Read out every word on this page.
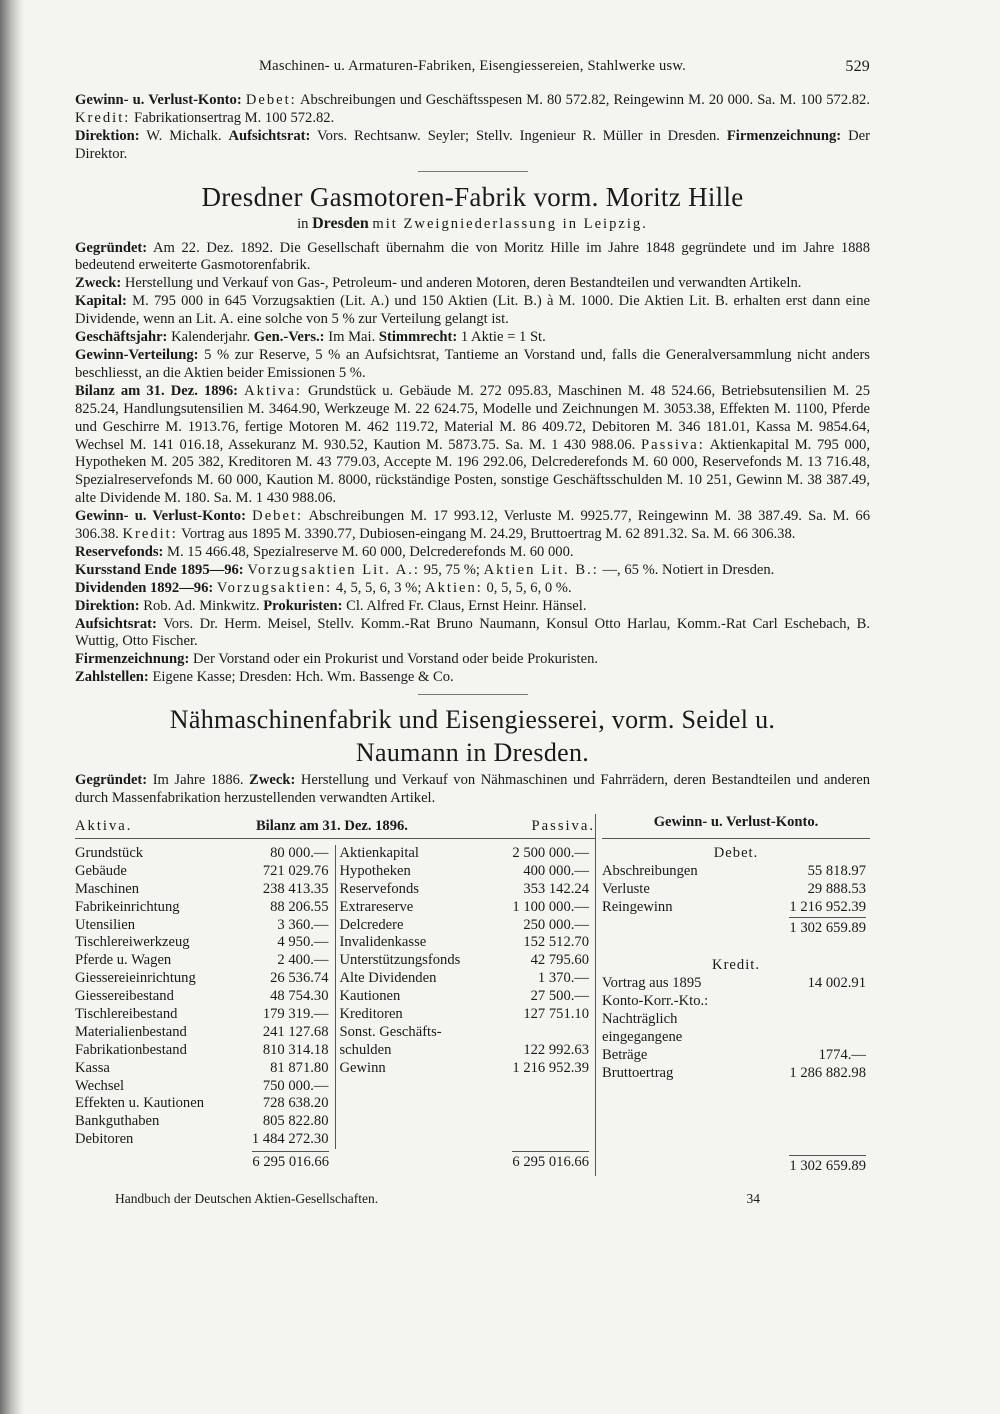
Maschinen- u. Armaturen-Fabriken, Eisengiessereien, Stahlwerke usw.	529

Gewinn- u. Verlust-Konto: Debet: Abschreibungen und Geschäftsspesen M. 80 572.82, Reingewinn M. 20 000. Sa. M. 100 572.82. Kredit: Fabrikationsertrag M. 100 572.82.

Direktion: W. Michalk. Aufsichtsrat: Vors. Rechtsanw. Seyler; Stellv. Ingenieur R. Müller in Dresden. Firmenzeichnung: Der Direktor.

Dresdner Gasmotoren-Fabrik vorm. Moritz Hille
in Dresden mit Zweigniederlassung in Leipzig.

Gegründet: Am 22. Dez. 1892. Die Gesellschaft übernahm die von Moritz Hille im Jahre 1848 gegründete und im Jahre 1888 bedeutend erweiterte Gasmotorenfabrik.

Zweck: Herstellung und Verkauf von Gas-, Petroleum- und anderen Motoren, deren Bestandteilen und verwandten Artikeln.

Kapital: M. 795 000 in 645 Vorzugsaktien (Lit. A.) und 150 Aktien (Lit. B.) à M. 1000. Die Aktien Lit. B. erhalten erst dann eine Dividende, wenn an Lit. A. eine solche von 5 % zur Verteilung gelangt ist.

Geschäftsjahr: Kalenderjahr. Gen.-Vers.: Im Mai. Stimmrecht: 1 Aktie = 1 St.

Gewinn-Verteilung: 5 % zur Reserve, 5 % an Aufsichtsrat, Tantieme an Vorstand und, falls die Generalversammlung nicht anders beschliesst, an die Aktien beider Emissionen 5 %.

Bilanz am 31. Dez. 1896: Aktiva: Grundstück u. Gebäude M. 272 095.83, Maschinen M. 48 524.66, Betriebsutensilien M. 25 825.24, Handlungsutensilien M. 3464.90, Werkzeuge M. 22 624.75, Modelle und Zeichnungen M. 3053.38, Effekten M. 1100, Pferde und Geschirre M. 1913.76, fertige Motoren M. 462 119.72, Material M. 86 409.72, Debitoren M. 346 181.01, Kassa M. 9854.64, Wechsel M. 141 016.18, Assekuranz M. 930.52, Kaution M. 5873.75. Sa. M. 1 430 988.06. Passiva: Aktienkapital M. 795 000, Hypotheken M. 205 382, Kreditoren M. 43 779.03, Accepte M. 196 292.06, Delcrederefonds M. 60 000, Reservefonds M. 13 716.48, Spezialreservefonds M. 60 000, Kaution M. 8000, rückständige Posten, sonstige Geschäftsschulden M. 10 251, Gewinn M. 38 387.49, alte Dividende M. 180. Sa. M. 1 430 988.06.

Gewinn- u. Verlust-Konto: Debet: Abschreibungen M. 17 993.12, Verluste M. 9925.77, Reingewinn M. 38 387.49. Sa. M. 66 306.38. Kredit: Vortrag aus 1895 M. 3390.77, Dubiosen-eingang M. 24.29, Bruttoertrag M. 62 891.32. Sa. M. 66 306.38.

Reservefonds: M. 15 466.48, Spezialreserve M. 60 000, Delcrederefonds M. 60 000.

Kursstand Ende 1895—96: Vorzugsaktien Lit. A.: 95, 75 %; Aktien Lit. B.: —, 65 %. Notiert in Dresden.

Dividenden 1892—96: Vorzugsaktien: 4, 5, 5, 6, 3 %; Aktien: 0, 5, 5, 6, 0 %.

Direktion: Rob. Ad. Minkwitz. Prokuristen: Cl. Alfred Fr. Claus, Ernst Heinr. Hänsel.

Aufsichtsrat: Vors. Dr. Herm. Meisel, Stellv. Komm.-Rat Bruno Naumann, Konsul Otto Harlau, Komm.-Rat Carl Eschebach, B. Wuttig, Otto Fischer.

Firmenzeichnung: Der Vorstand oder ein Prokurist und Vorstand oder beide Prokuristen.

Zahlstellen: Eigene Kasse; Dresden: Hch. Wm. Bassenge & Co.

Nähmaschinenfabrik und Eisengiesserei, vorm. Seidel u.
Naumann in Dresden.

Gegründet: Im Jahre 1886. Zweck: Herstellung und Verkauf von Nähmaschinen und Fahrrädern, deren Bestandteilen und anderen durch Massenfabrikation herzustellenden verwandten Artikel.

Aktiva.	Bilanz am 31. Dez. 1896.	Passiva.
Grundstück	80 000.—
Gebäude	721 029.76
Maschinen	238 413.35
Fabrikeinrichtung	88 206.55
Utensilien	3 360.—
Tischlereiwerkzeug	4 950.—
Pferde u. Wagen	2 400.—
Giessereieinrichtung	26 536.74
Giessereibestand	48 754.30
Tischlereibestand	179 319.—
Materialienbestand	241 127.68
Fabrikationbestand	810 314.18
Kassa	81 871.80
Wechsel	750 000.—
Effekten u. Kautionen	728 638.20
Bankguthaben	805 822.80
Debitoren	1 484 272.30
Aktienkapital	2 500 000.—
Hypotheken	400 000.—
Reservefonds	353 142.24
Extrareserve	1 100 000.—
Delcredere	250 000.—
Invalidenkasse	152 512.70
Unterstützungsfonds	42 795.60
Alte Dividenden	1 370.—
Kautionen	27 500.—
Kreditoren	127 751.10
Sonst. Geschäfts-
schulden	122 992.63
Gewinn	1 216 952.39
6 295 016.66	6 295 016.66
Gewinn- u. Verlust-Konto.
Debet.
Abschreibungen	55 818.97
Verluste	29 888.53
Reingewinn	1 216 952.39
1 302 659.89
Kredit.
Vortrag aus 1895	14 002.91
Konto-Korr.-Kto.:
Nachträglich
eingegangene
Beträge	1774.—
Bruttoertrag	1 286 882.98
1 302 659.89
Handbuch der Deutschen Aktien-Gesellschaften.	34
